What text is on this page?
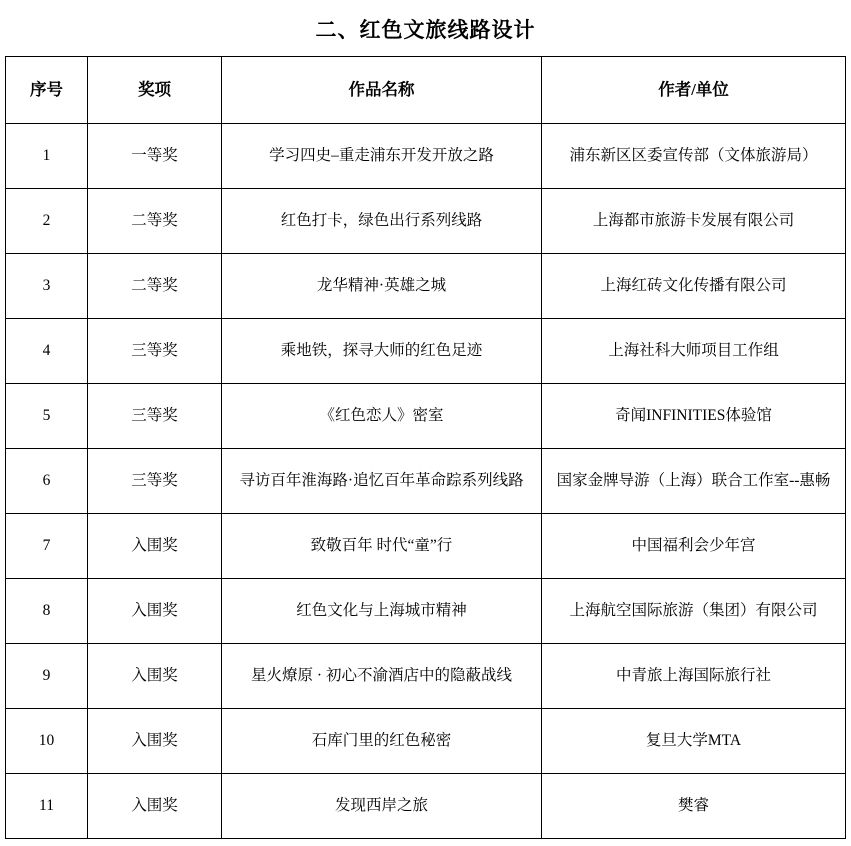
二、红色文旅线路设计
序号	奖项	作品名称	作者/单位
1	一等奖	学习四史–重走浦东开发开放之路	浦东新区区委宣传部（文体旅游局）
2	二等奖	红色打卡，绿色出行系列线路	上海都市旅游卡发展有限公司
3	二等奖	龙华精神·英雄之城	上海红砖文化传播有限公司
4	三等奖	乘地铁，探寻大师的红色足迹	上海社科大师项目工作组
5	三等奖	《红色恋人》密室	奇闻INFINITIES体验馆
6	三等奖	寻访百年淮海路·追忆百年革命踪系列线路	国家金牌导游（上海）联合工作室--惠畅
7	入围奖	致敬百年 时代“童”行	中国福利会少年宫
8	入围奖	红色文化与上海城市精神	上海航空国际旅游（集团）有限公司
9	入围奖	星火燎原 · 初心不渝酒店中的隐蔽战线	中青旅上海国际旅行社
10	入围奖	石库门里的红色秘密	复旦大学MTA
11	入围奖	发现西岸之旅	樊睿
